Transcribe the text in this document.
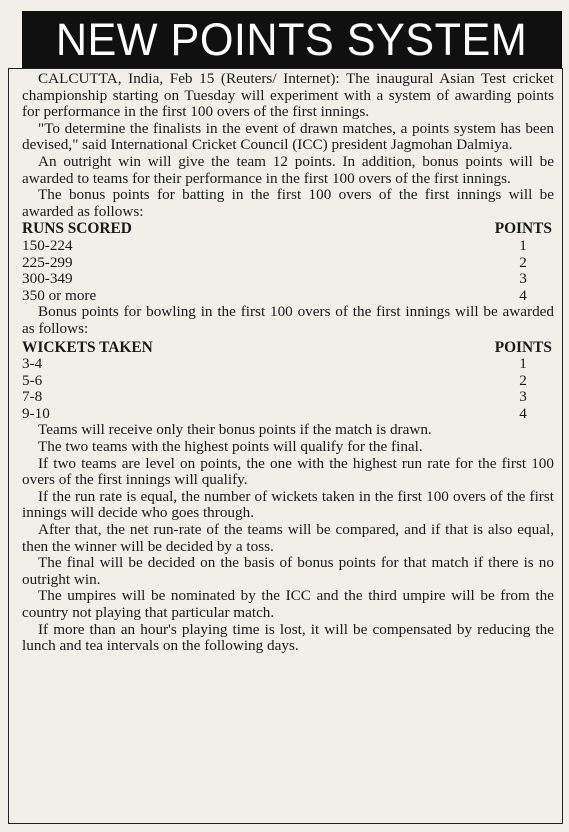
NEW POINTS SYSTEM

CALCUTTA, India, Feb 15 (Reuters/ Internet): The inaugural Asian Test cricket championship starting on Tuesday will experiment with a system of awarding points for performance in the first 100 overs of the first innings.

"To determine the finalists in the event of drawn matches, a points system has been devised," said International Cricket Council (ICC) president Jagmohan Dalmiya.

An outright win will give the team 12 points. In addition, bonus points will be awarded to teams for their performance in the first 100 overs of the first innings.

The bonus points for batting in the first 100 overs of the first innings will be awarded as follows:

RUNS SCORED	POINTS
150-224	1
225-299	2
300-349	3
350 or more	4

Bonus points for bowling in the first 100 overs of the first innings will be awarded as follows:

WICKETS TAKEN	POINTS
3-4	1
5-6	2
7-8	3
9-10	4

Teams will receive only their bonus points if the match is drawn.

The two teams with the highest points will qualify for the final.

If two teams are level on points, the one with the highest run rate for the first 100 overs of the first innings will qualify.

If the run rate is equal, the number of wickets taken in the first 100 overs of the first innings will decide who goes through.

After that, the net run-rate of the teams will be compared, and if that is also equal, then the winner will be decided by a toss.

The final will be decided on the basis of bonus points for that match if there is no outright win.

The umpires will be nominated by the ICC and the third umpire will be from the country not playing that particular match.

If more than an hour's playing time is lost, it will be compensated by reducing the lunch and tea intervals on the following days.
